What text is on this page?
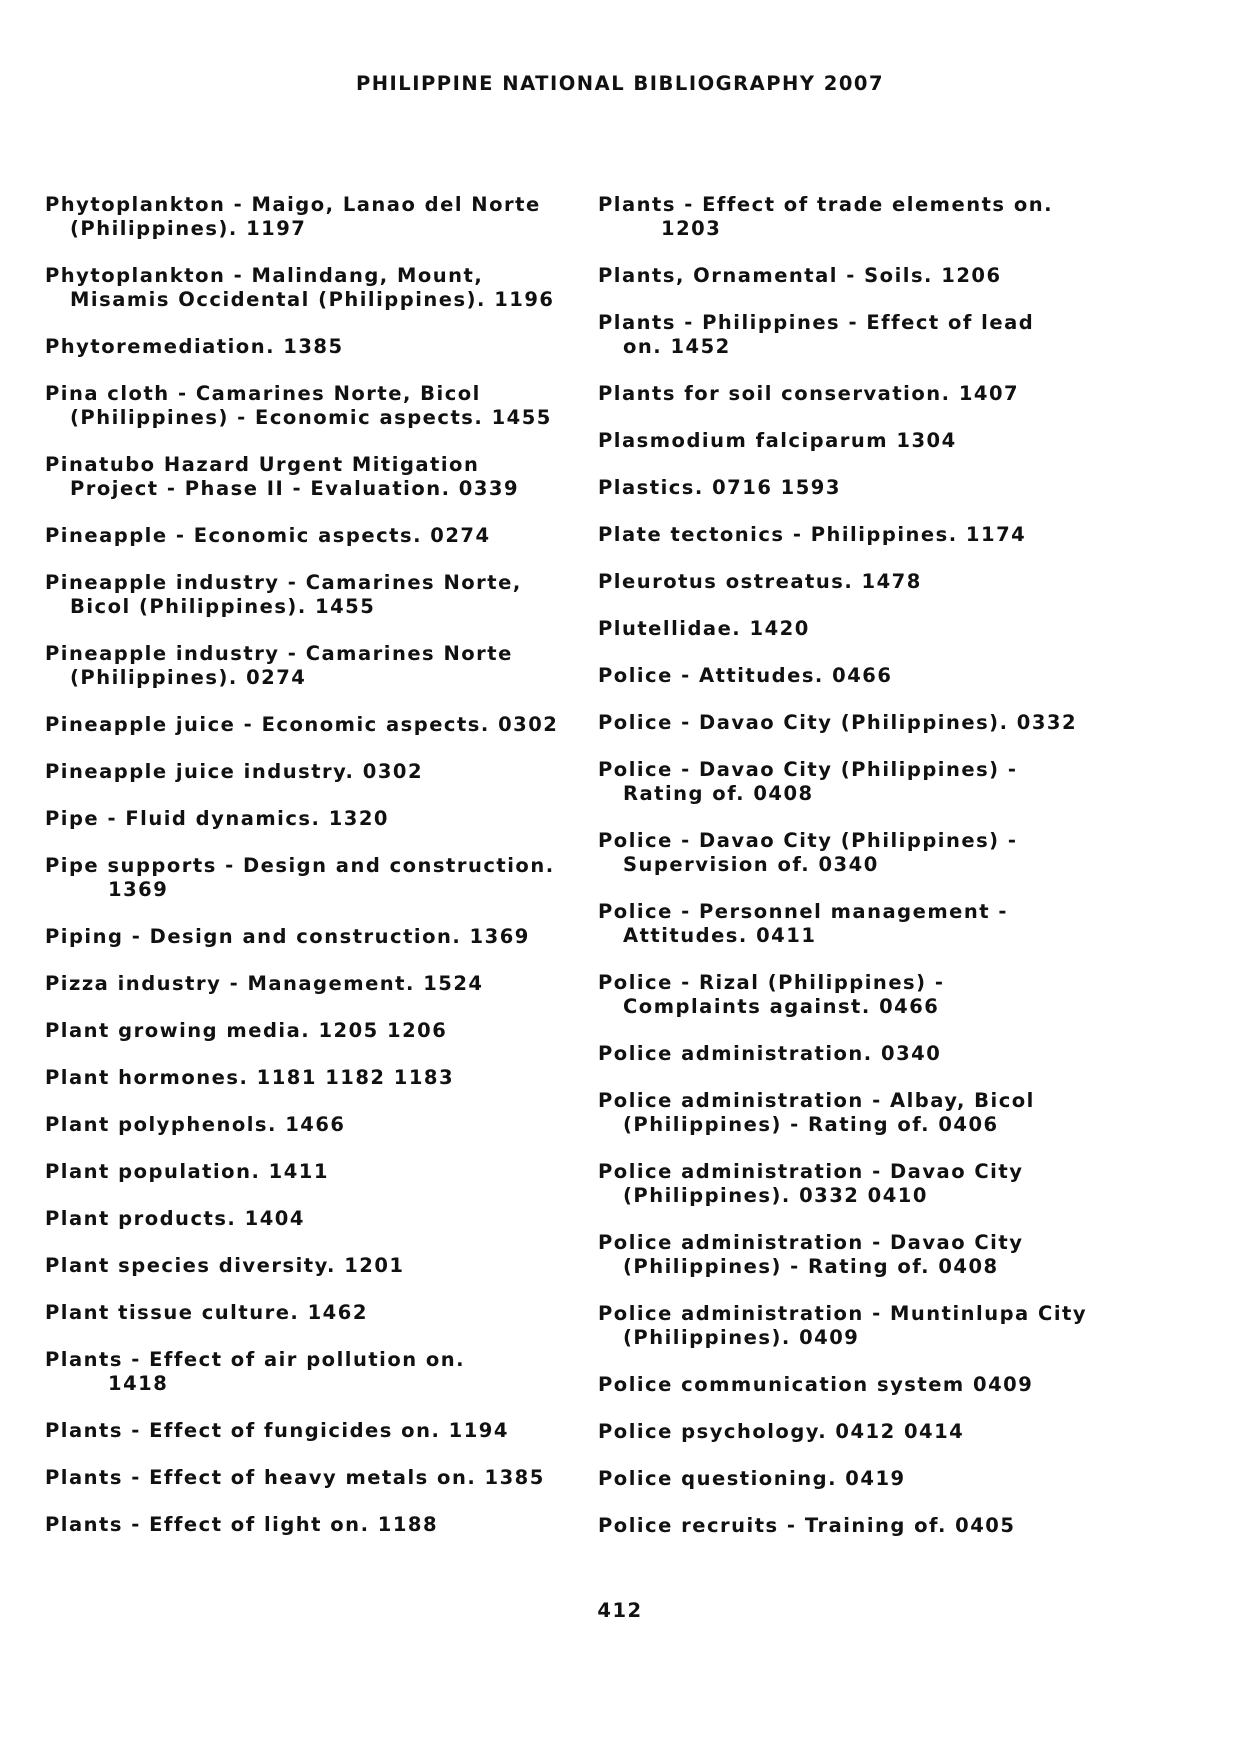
PHILIPPINE NATIONAL BIBLIOGRAPHY 2007
Phytoplankton - Maigo, Lanao del Norte
(Philippines). 1197
Phytoplankton - Malindang, Mount,
Misamis Occidental (Philippines). 1196
Phytoremediation. 1385
Pina cloth - Camarines Norte, Bicol
(Philippines) - Economic aspects. 1455
Pinatubo Hazard Urgent Mitigation
Project - Phase II - Evaluation. 0339
Pineapple - Economic aspects. 0274
Pineapple industry - Camarines Norte,
Bicol (Philippines). 1455
Pineapple industry - Camarines Norte
(Philippines). 0274
Pineapple juice - Economic aspects. 0302
Pineapple juice industry. 0302
Pipe - Fluid dynamics. 1320
Pipe supports - Design and construction.
1369
Piping - Design and construction. 1369
Pizza industry - Management. 1524
Plant growing media. 1205 1206
Plant hormones. 1181 1182 1183
Plant polyphenols. 1466
Plant population. 1411
Plant products. 1404
Plant species diversity. 1201
Plant tissue culture. 1462
Plants - Effect of air pollution on.
1418
Plants - Effect of fungicides on. 1194
Plants - Effect of heavy metals on. 1385
Plants - Effect of light on. 1188
Plants - Effect of trade elements on.
1203
Plants, Ornamental - Soils. 1206
Plants - Philippines - Effect of lead
on. 1452
Plants for soil conservation. 1407
Plasmodium falciparum 1304
Plastics. 0716 1593
Plate tectonics - Philippines. 1174
Pleurotus ostreatus. 1478
Plutellidae. 1420
Police - Attitudes. 0466
Police - Davao City (Philippines). 0332
Police - Davao City (Philippines) -
Rating of. 0408
Police - Davao City (Philippines) -
Supervision of. 0340
Police - Personnel management -
Attitudes. 0411
Police - Rizal (Philippines) -
Complaints against. 0466
Police administration. 0340
Police administration - Albay, Bicol
(Philippines) - Rating of. 0406
Police administration - Davao City
(Philippines). 0332 0410
Police administration - Davao City
(Philippines) - Rating of. 0408
Police administration - Muntinlupa City
(Philippines). 0409
Police communication system 0409
Police psychology. 0412 0414
Police questioning. 0419
Police recruits - Training of. 0405
412
